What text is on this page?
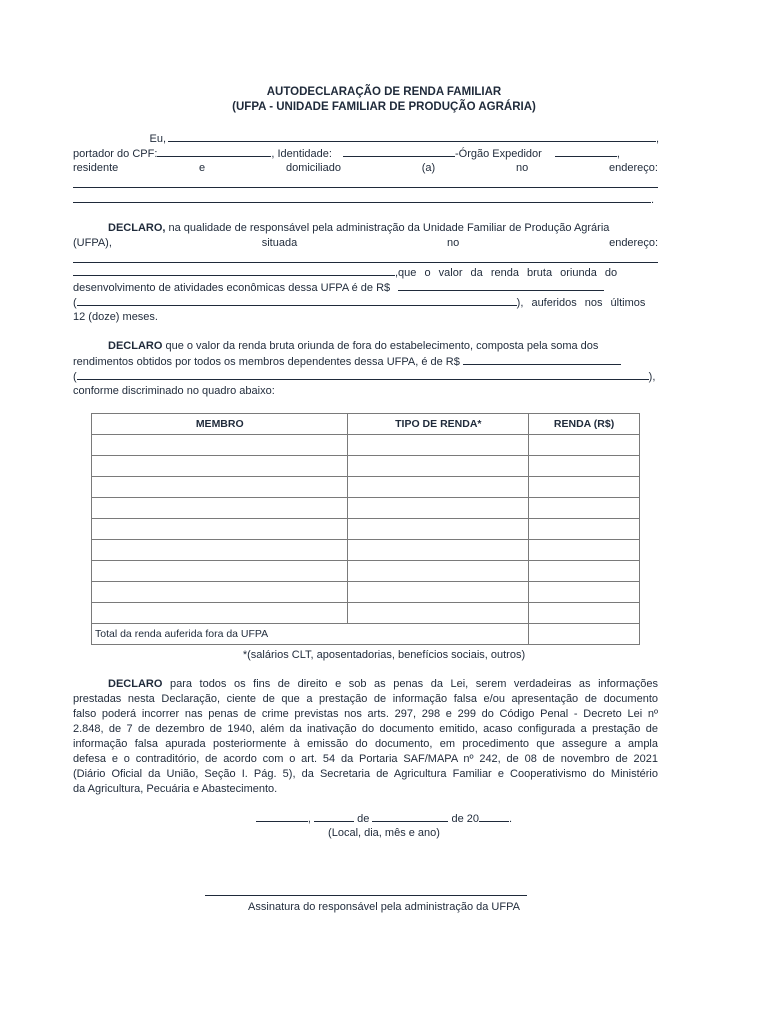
AUTODECLARAÇÃO DE RENDA FAMILIAR
(UFPA - UNIDADE FAMILIAR DE PRODUÇÃO AGRÁRIA)
Eu,	,
portador do CPF:	, Identidade:	-Órgão Expedidor	,
residente	e	domiciliado	(a)	no	endereço:
.
DECLARO, na qualidade de responsável pela administração da Unidade Familiar de Produção Agrária
(UFPA),	situada	no	endereço:
,que o valor da renda bruta oriunda do
desenvolvimento de atividades econômicas dessa UFPA é de R$
(	), auferidos nos últimos
12 (doze) meses.
DECLARO que o valor da renda bruta oriunda de fora do estabelecimento, composta pela soma dos
rendimentos obtidos por todos os membros dependentes dessa UFPA, é de R$
(	),
conforme discriminado no quadro abaixo:
MEMBRO	TIPO DE RENDA*	RENDA (R$)

Total da renda auferida fora da UFPA		
*(salários CLT, aposentadorias, benefícios sociais, outros)
DECLARO para todos os fins de direito e sob as penas da Lei, serem verdadeiras as informações
prestadas nesta Declaração, ciente de que a prestação de informação falsa e/ou apresentação de documento
falso poderá incorrer nas penas de crime previstas nos arts. 297, 298 e 299 do Código Penal - Decreto Lei nº
2.848, de 7 de dezembro de 1940, além da inativação do documento emitido, acaso configurada a prestação de
informação falsa apurada posteriormente à emissão do documento, em procedimento que assegure a ampla
defesa e o contraditório, de acordo com o art. 54 da Portaria SAF/MAPA nº 242, de 08 de novembro de 2021
(Diário Oficial da União, Seção I. Pág. 5), da Secretaria de Agricultura Familiar e Cooperativismo do Ministério
da Agricultura, Pecuária e Abastecimento.
,	de	de 20	.
(Local, dia, mês e ano)
Assinatura do responsável pela administração da UFPA
